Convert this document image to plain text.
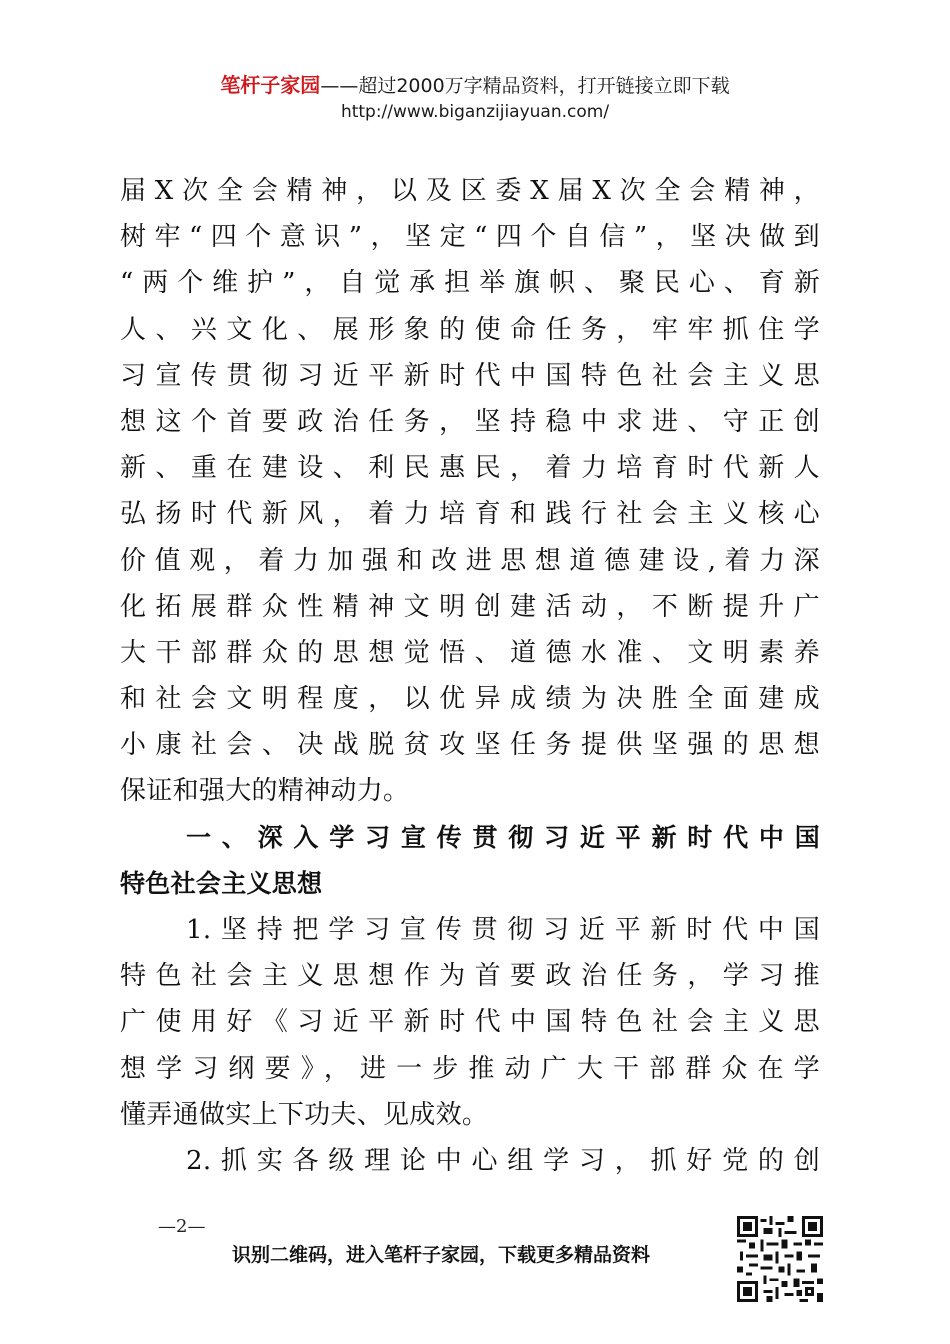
笔杆子家园——超过2000万字精品资料，打开链接立即下载
http://www.biganzijiayuan.com/
届X次全会精神，以及区委X届X次全会精神，
树牢“四个意识”，坚定“四个自信”，坚决做到
“两个维护”，自觉承担举旗帜、聚民心、育新
人、兴文化、展形象的使命任务，牢牢抓住学
习宣传贯彻习近平新时代中国特色社会主义思
想这个首要政治任务，坚持稳中求进、守正创
新、重在建设、利民惠民，着力培育时代新人
弘扬时代新风，着力培育和践行社会主义核心
价值观，着力加强和改进思想道德建设,着力深
化拓展群众性精神文明创建活动，不断提升广
大干部群众的思想觉悟、道德水准、文明素养
和社会文明程度，以优异成绩为决胜全面建成
小康社会、决战脱贫攻坚任务提供坚强的思想
保证和强大的精神动力。
一、深入学习宣传贯彻习近平新时代中国
特色社会主义思想
1.坚持把学习宣传贯彻习近平新时代中国
特色社会主义思想作为首要政治任务，学习推
广使用好《习近平新时代中国特色社会主义思
想学习纲要》，进一步推动广大干部群众在学
懂弄通做实上下功夫、见成效。
2.抓实各级理论中心组学习，抓好党的创
—2—
识别二维码，进入笔杆子家园，下载更多精品资料
